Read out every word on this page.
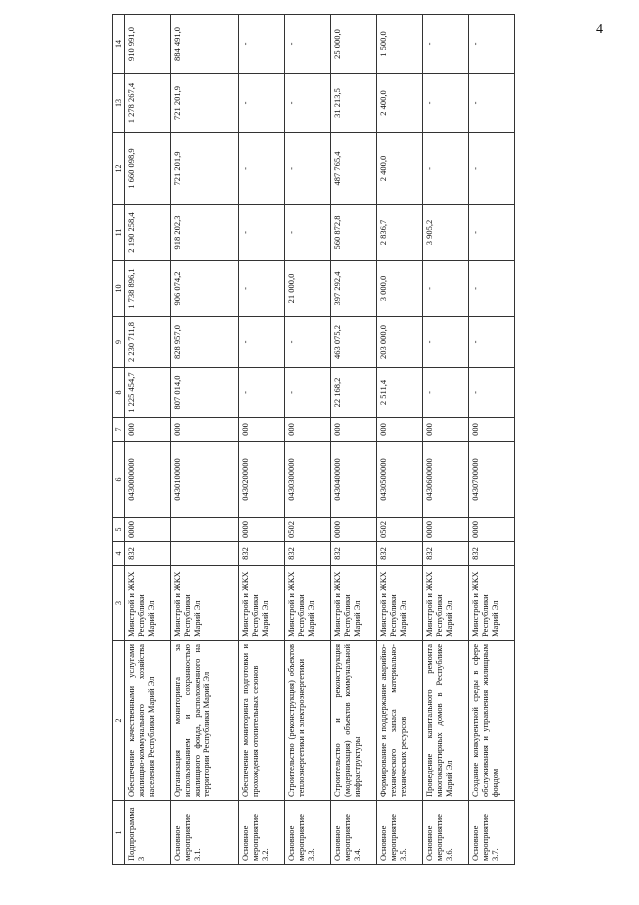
4
1	2	3	4	5	6	7	8	9	10	11	12	13	14
Подпрограмма 3	Обеспечение качественными услугами жилищно-коммунального хозяйства населения Республики Марий Эл	Минстрой и ЖКХ Республики Марий Эл	832	0000	0430000000	000	1 225 454,7	2 230 711,8	1 738 896,1	2 190 258,4	1 660 098,9	1 278 267,4	910 991,0
Основное мероприятие 3.1.	Организация мониторинга за использованием и сохранностью жилищного фонда, расположенного на территории Республики Марий Эл	Минстрой и ЖКХ Республики Марий Эл			0430100000	000	807 014,0	828 957,0	906 074,2	918 202,3	721 201,9	721 201,9	884 491,0
Основное мероприятие 3.2.	Обеспечение мониторинга подготовки и прохождения отопительных сезонов	Минстрой и ЖКХ Республики Марий Эл	832	0000	0430200000	000	-	-	-	-	-	-	-
Основное мероприятие 3.3.	Строительство (реконструкция) объектов теплоэнергетики и электроэнергетики	Минстрой и ЖКХ Республики Марий Эл	832	0502	0430300000	000	-	-	21 000,0	-	-	-	-
Основное мероприятие 3.4.	Строительство и реконструкция (модернизация) объектов коммунальной инфраструктуры	Минстрой и ЖКХ Республики Марий Эл	832	0000	0430400000	000	22 168,2	463 075,2	397 292,4	560 872,8	487 765,4	31 213,5	25 000,0
Основное мероприятие 3.5.	Формирование и поддержание аварийно-технического запаса материально-технических ресурсов	Минстрой и ЖКХ Республики Марий Эл	832	0502	0430500000	000	2 511,4	203 000,0	3 000,0	2 836,7	2 400,0	2 400,0	1 500,0
Основное мероприятие 3.6.	Проведение капитального ремонта многоквартирных домов в Республике Марий Эл	Минстрой и ЖКХ Республики Марий Эл	832	0000	0430600000	000	-	-	-	3 905,2	-	-	-
Основное мероприятие 3.7.	Создание конкурентной среды в сфере обслуживания и управления жилищным фондом	Минстрой и ЖКХ Республики Марий Эл	832	0000	0430700000	000	-	-	-	-	-	-	-
